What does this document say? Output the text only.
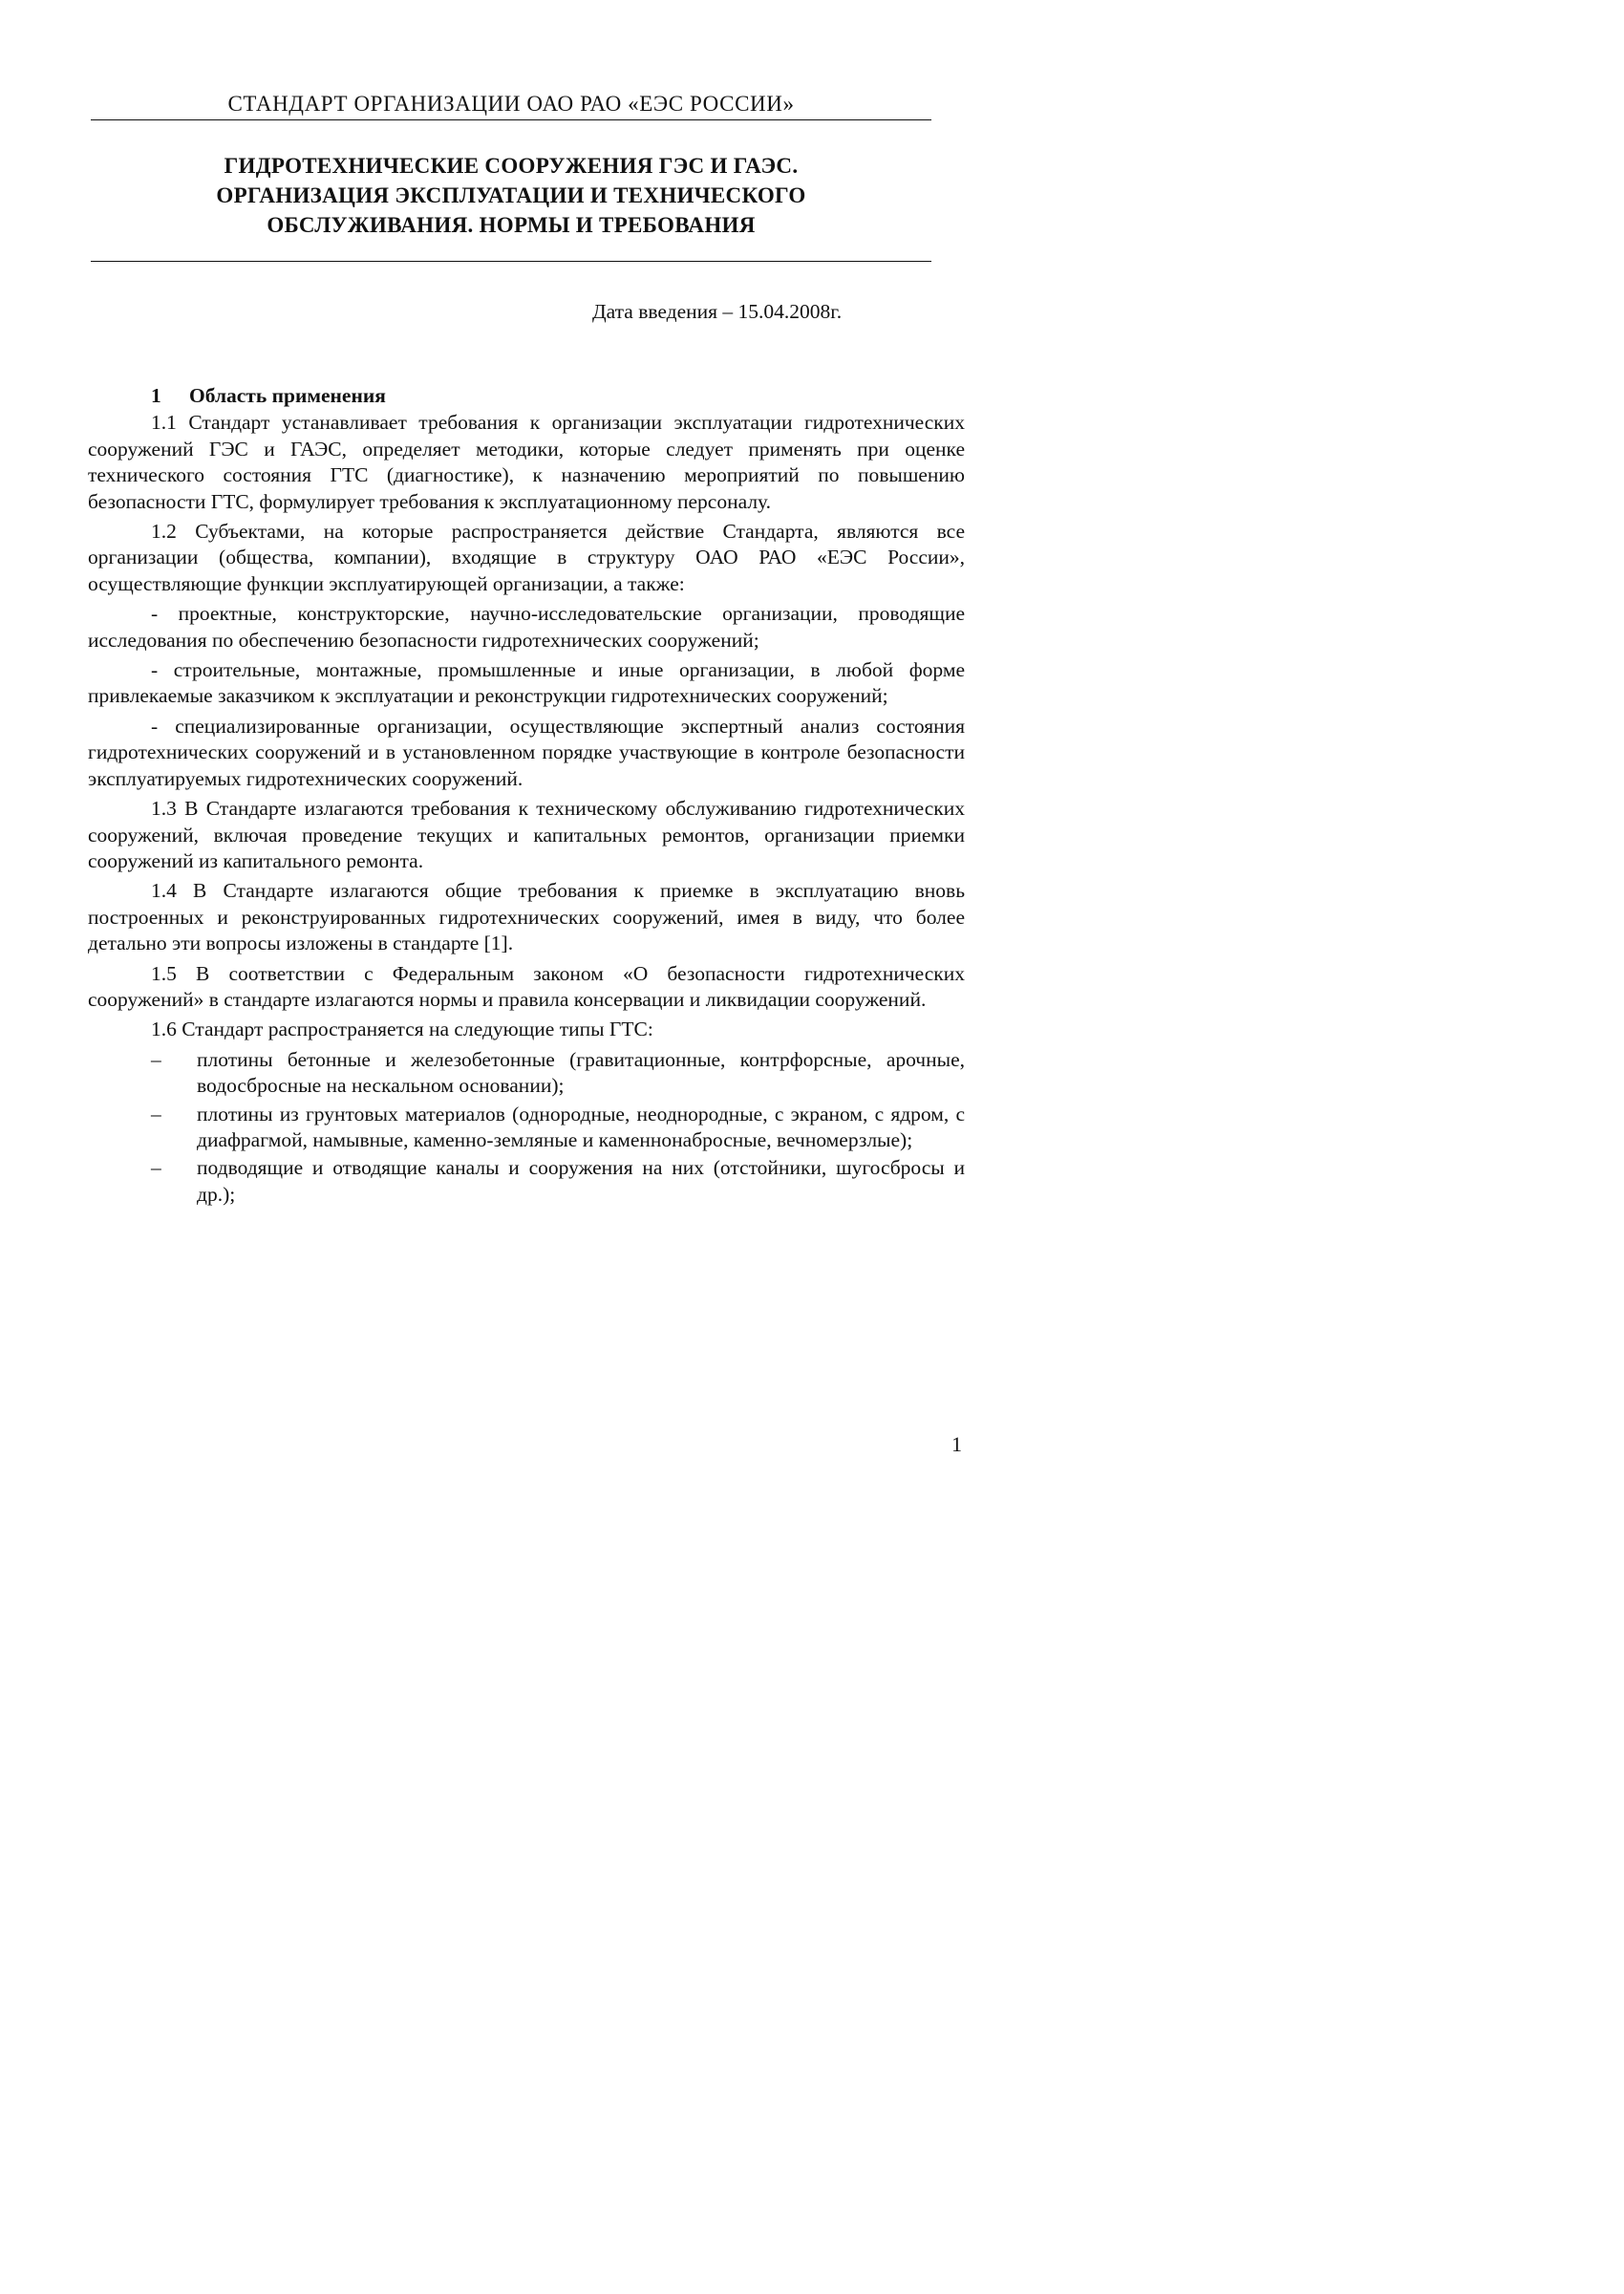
СТАНДАРТ ОРГАНИЗАЦИИ ОАО РАО «ЕЭС РОССИИ»
ГИДРОТЕХНИЧЕСКИЕ СООРУЖЕНИЯ ГЭС И ГАЭС.
ОРГАНИЗАЦИЯ ЭКСПЛУАТАЦИИ И ТЕХНИЧЕСКОГО
ОБСЛУЖИВАНИЯ. НОРМЫ И ТРЕБОВАНИЯ
Дата введения – 15.04.2008г.
1 Область применения

1.1 Стандарт устанавливает требования к организации эксплуатации гидротехнических сооружений ГЭС и ГАЭС, определяет методики, которые следует применять при оценке технического состояния ГТС (диагностике), к назначению мероприятий по повышению безопасности ГТС, формулирует требования к эксплуатационному персоналу.

1.2 Субъектами, на которые распространяется действие Стандарта, являются все организации (общества, компании), входящие в структуру ОАО РАО «ЕЭС России», осуществляющие функции эксплуатирующей организации, а также:

- проектные, конструкторские, научно-исследовательские организации, проводящие исследования по обеспечению безопасности гидротехнических сооружений;

- строительные, монтажные, промышленные и иные организации, в любой форме привлекаемые заказчиком к эксплуатации и реконструкции гидротехнических сооружений;

- специализированные организации, осуществляющие экспертный анализ состояния гидротехнических сооружений и в установленном порядке участвующие в контроле безопасности эксплуатируемых гидротехнических сооружений.

1.3 В Стандарте излагаются требования к техническому обслуживанию гидротехнических сооружений, включая проведение текущих и капитальных ремонтов, организации приемки сооружений из капитального ремонта.

1.4 В Стандарте излагаются общие требования к приемке в эксплуатацию вновь построенных и реконструированных гидротехнических сооружений, имея в виду, что более детально эти вопросы изложены в стандарте [1].

1.5 В соответствии с Федеральным законом «О безопасности гидротехнических сооружений» в стандарте излагаются нормы и правила консервации и ликвидации сооружений.

1.6 Стандарт распространяется на следующие типы ГТС:

– плотины бетонные и железобетонные (гравитационные, контрфорсные, арочные, водосбросные на нескальном основании);
– плотины из грунтовых материалов (однородные, неоднородные, с экраном, с ядром, с диафрагмой, намывные, каменно-земляные и каменнонабросные, вечномерзлые);
– подводящие и отводящие каналы и сооружения на них (отстойники, шугосбросы и др.);
1
